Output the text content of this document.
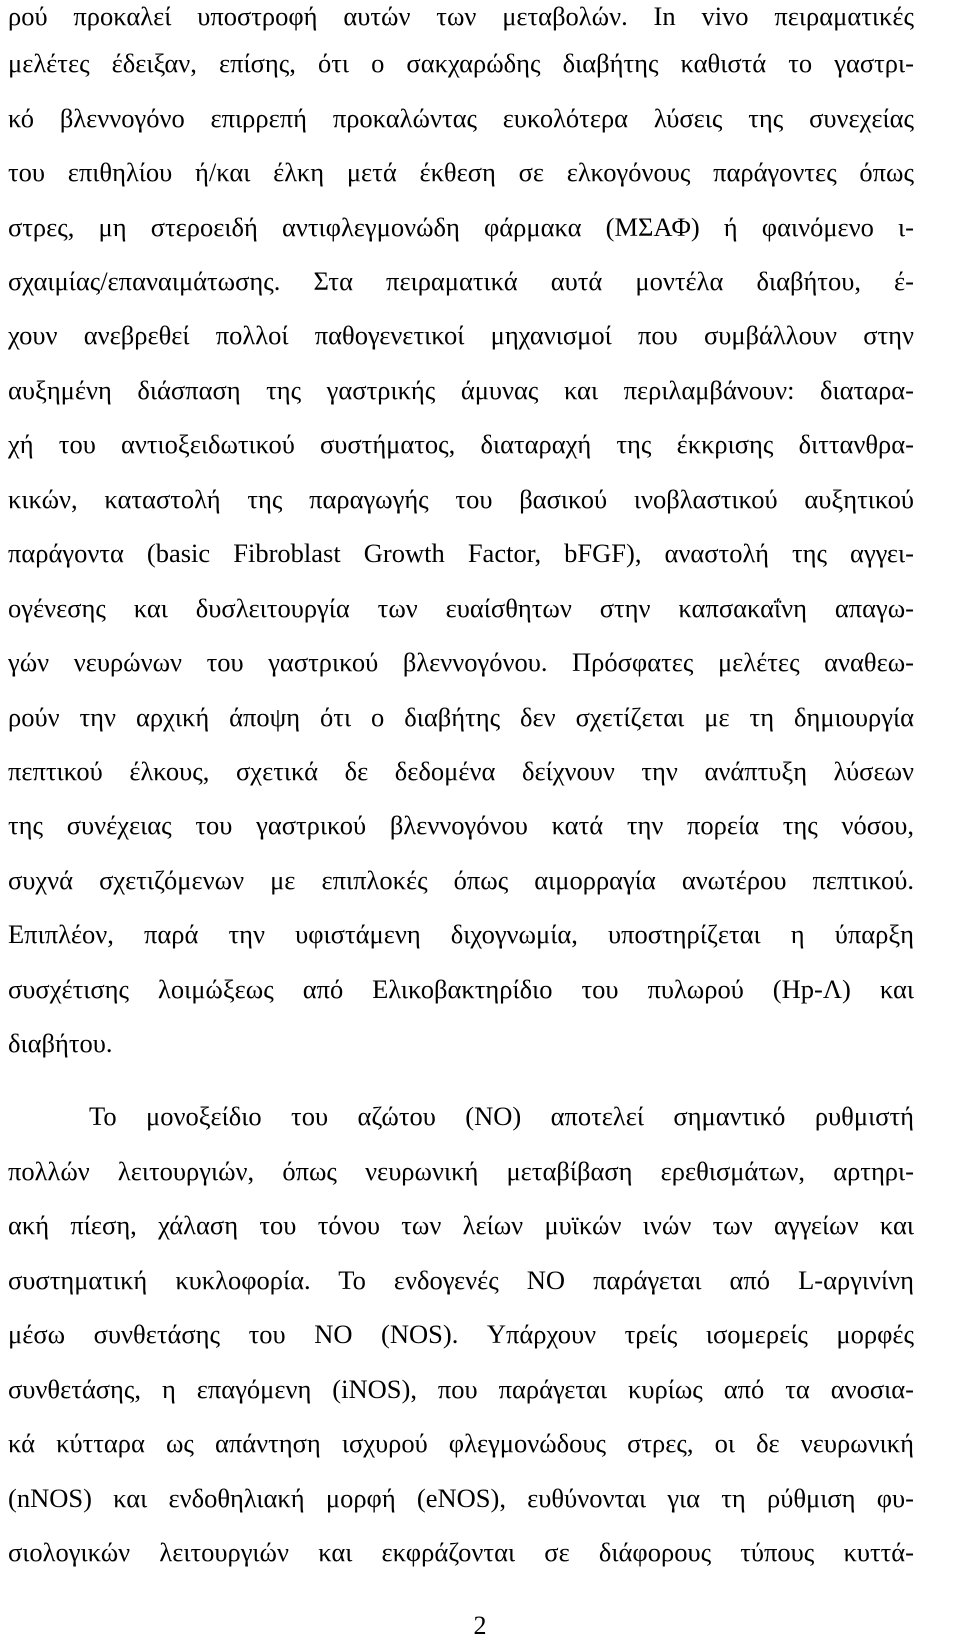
ρού προκαλεί υποστροφή αυτών των μεταβολών. In vivo πειραματικές
μελέτες έδειξαν, επίσης, ότι ο σακχαρώδης διαβήτης καθιστά το γαστρι-
κό βλεννογόνο επιρρεπή προκαλώντας ευκολότερα λύσεις της συνεχείας
του επιθηλίου ή/και έλκη μετά έκθεση σε ελκογόνους παράγοντες όπως
στρες, μη στεροειδή αντιφλεγμονώδη φάρμακα (ΜΣΑΦ) ή φαινόμενο ι-
σχαιμίας/επαναιμάτωσης. Στα πειραματικά αυτά μοντέλα διαβήτου, έ-
χουν ανεβρεθεί πολλοί παθογενετικοί μηχανισμοί που συμβάλλουν στην
αυξημένη διάσπαση της γαστρικής άμυνας και περιλαμβάνουν: διαταρα-
χή του αντιοξειδωτικού συστήματος, διαταραχή της έκκρισης διττανθρα-
κικών, καταστολή της παραγωγής του βασικού ινοβλαστικού αυξητικού
παράγοντα (basic Fibroblast Growth Factor, bFGF), αναστολή της αγγει-
ογένεσης και δυσλειτουργία των ευαίσθητων στην καπσακαΐνη απαγω-
γών νευρώνων του γαστρικού βλεννογόνου. Πρόσφατες μελέτες αναθεω-
ρούν την αρχική άποψη ότι ο διαβήτης δεν σχετίζεται με τη δημιουργία
πεπτικού έλκους, σχετικά δε δεδομένα δείχνουν την ανάπτυξη λύσεων
της συνέχειας του γαστρικού βλεννογόνου κατά την πορεία της νόσου,
συχνά σχετιζόμενων με επιπλοκές όπως αιμορραγία ανωτέρου πεπτικού.
Επιπλέον, παρά την υφιστάμενη διχογνωμία, υποστηρίζεται η ύπαρξη
συσχέτισης λοιμώξεως από Ελικοβακτηρίδιο του πυλωρού (Hp-Λ) και
διαβήτου.
Το μονοξείδιο του αζώτου (NO) αποτελεί σημαντικό ρυθμιστή
πολλών λειτουργιών, όπως νευρωνική μεταβίβαση ερεθισμάτων, αρτηρι-
ακή πίεση, χάλαση του τόνου των λείων μυϊκών ινών των αγγείων και
συστηματική κυκλοφορία. Το ενδογενές NO παράγεται από L-αργινίνη
μέσω συνθετάσης του NO (NOS). Υπάρχουν τρείς ισομερείς μορφές
συνθετάσης, η επαγόμενη (iNOS), που παράγεται κυρίως από τα ανοσια-
κά κύτταρα ως απάντηση ισχυρού φλεγμονώδους στρες, οι δε νευρωνική
(nNOS) και ενδοθηλιακή μορφή (eNOS), ευθύνονται για τη ρύθμιση φυ-
σιολογικών λειτουργιών και εκφράζονται σε διάφορους τύπους κυττά-
2
